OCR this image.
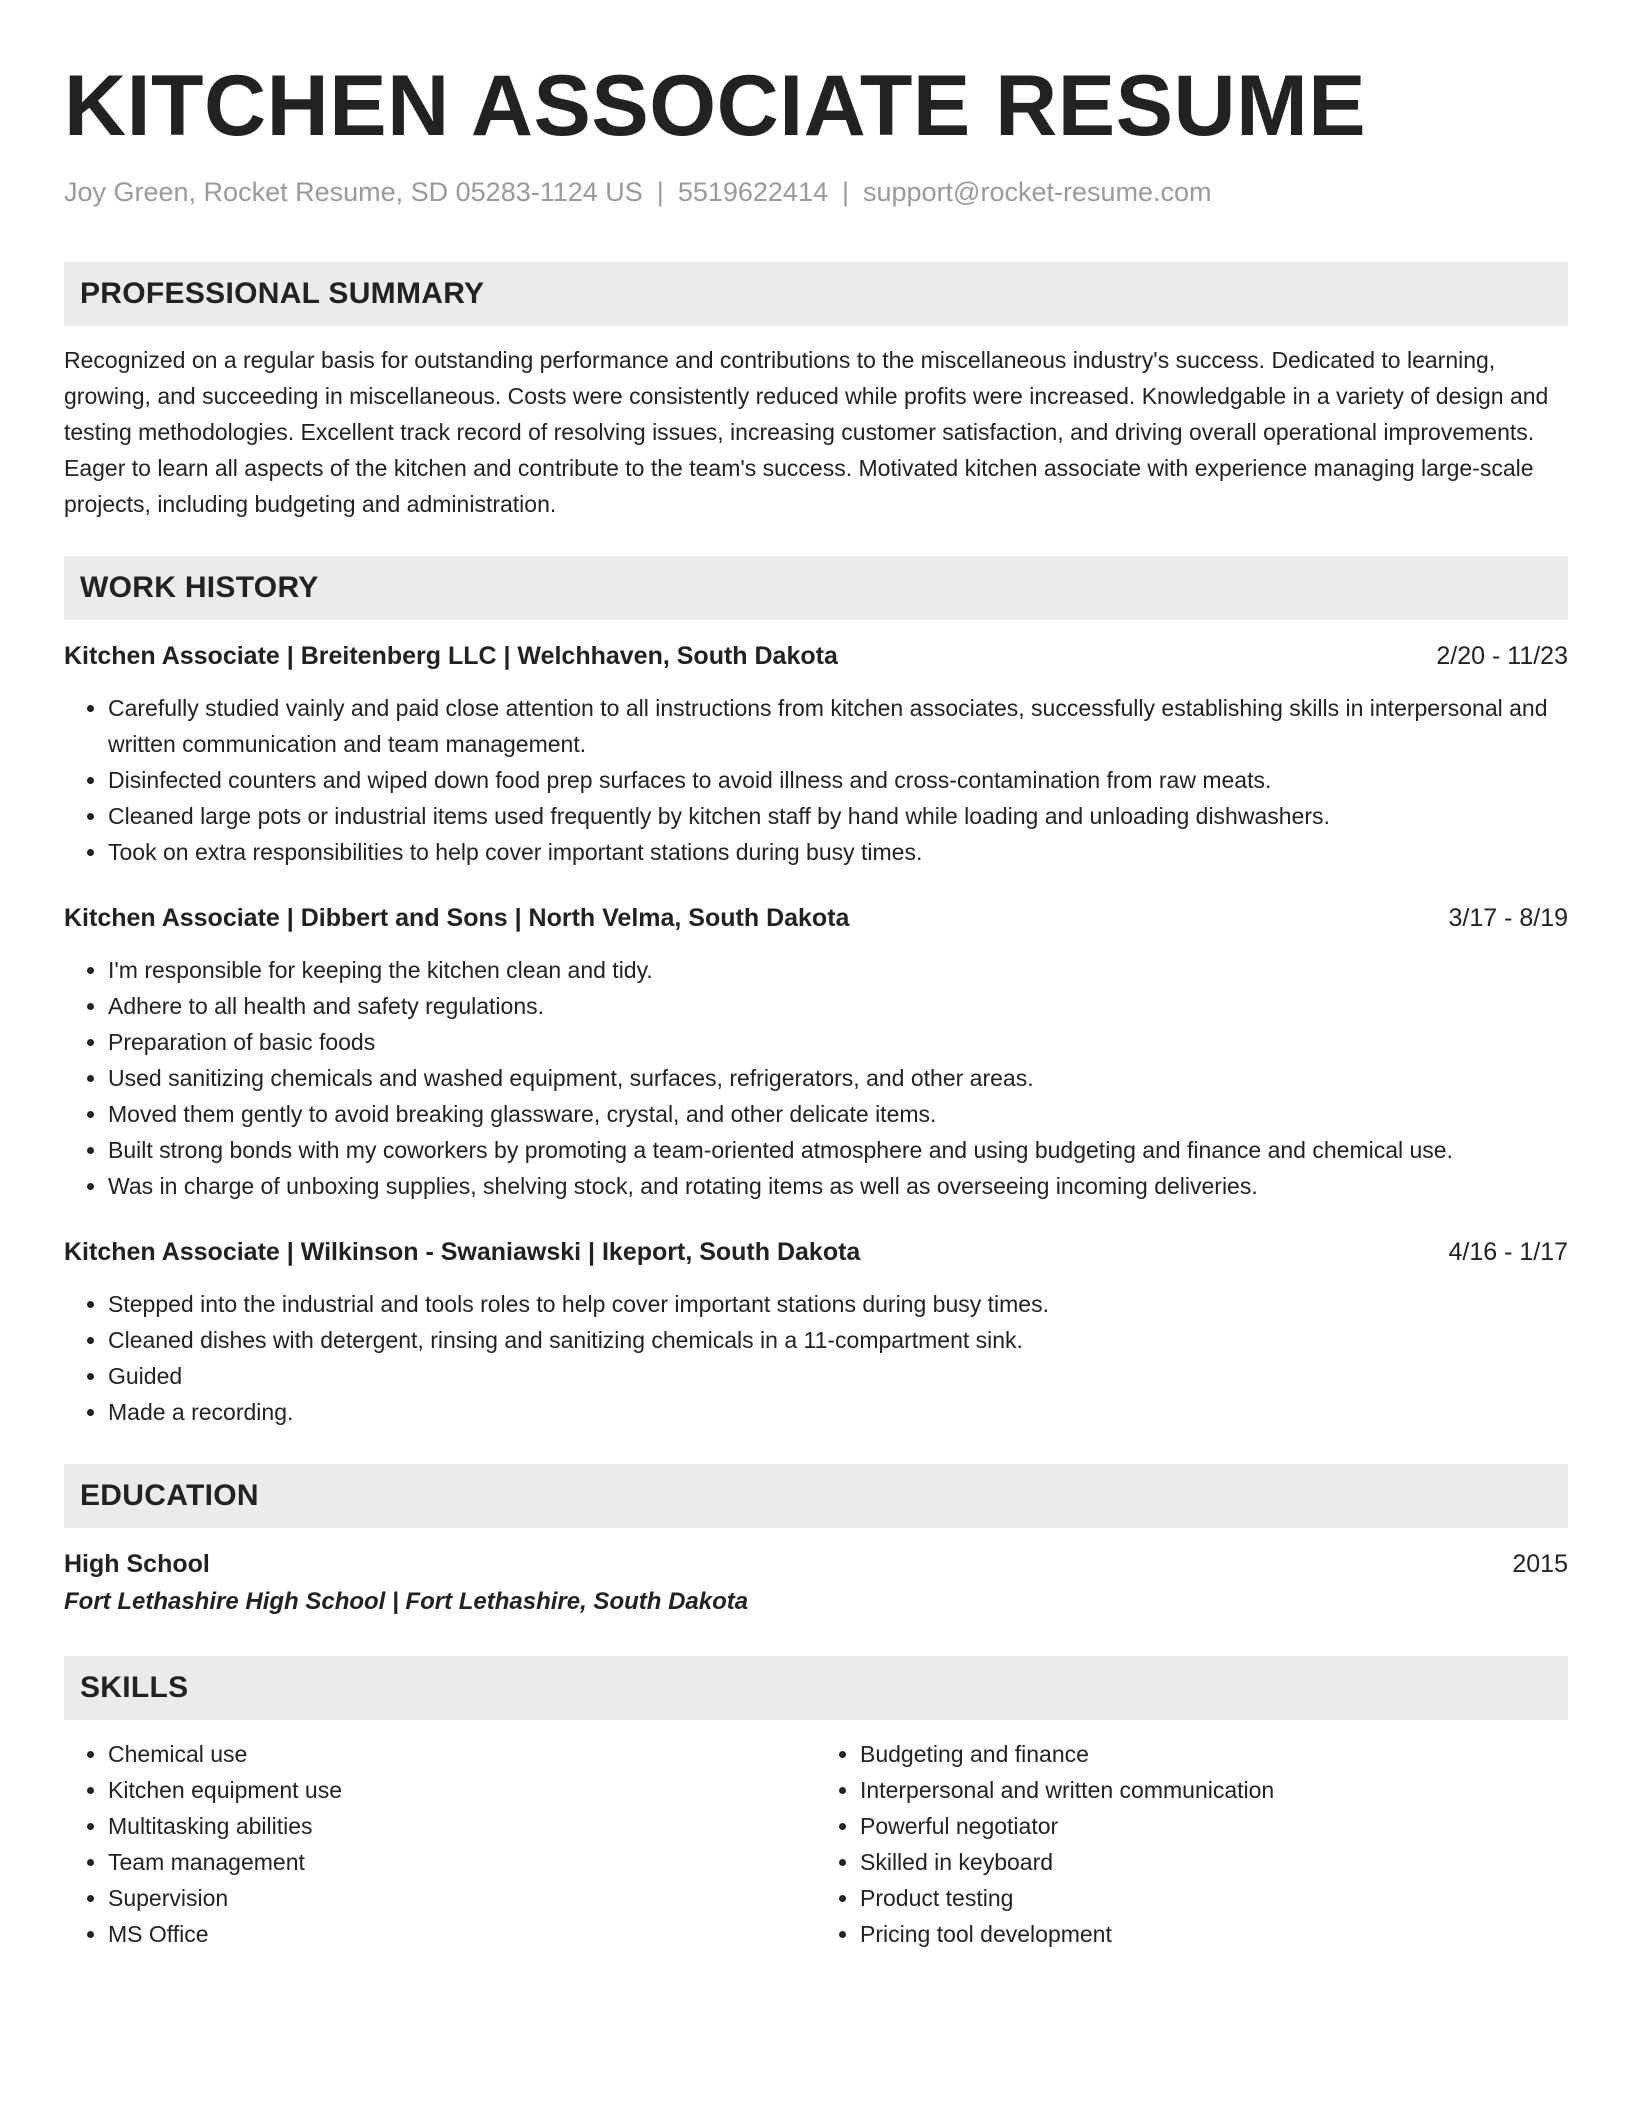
KITCHEN ASSOCIATE RESUME
Joy Green, Rocket Resume, SD 05283-1124 US | 5519622414 | support@rocket-resume.com
PROFESSIONAL SUMMARY
Recognized on a regular basis for outstanding performance and contributions to the miscellaneous industry's success. Dedicated to learning, growing, and succeeding in miscellaneous. Costs were consistently reduced while profits were increased. Knowledgable in a variety of design and testing methodologies. Excellent track record of resolving issues, increasing customer satisfaction, and driving overall operational improvements. Eager to learn all aspects of the kitchen and contribute to the team's success. Motivated kitchen associate with experience managing large-scale projects, including budgeting and administration.
WORK HISTORY
Kitchen Associate | Breitenberg LLC | Welchhaven, South Dakota	2/20 - 11/23
• Carefully studied vainly and paid close attention to all instructions from kitchen associates, successfully establishing skills in interpersonal and written communication and team management.
• Disinfected counters and wiped down food prep surfaces to avoid illness and cross-contamination from raw meats.
• Cleaned large pots or industrial items used frequently by kitchen staff by hand while loading and unloading dishwashers.
• Took on extra responsibilities to help cover important stations during busy times.
Kitchen Associate | Dibbert and Sons | North Velma, South Dakota	3/17 - 8/19
• I'm responsible for keeping the kitchen clean and tidy.
• Adhere to all health and safety regulations.
• Preparation of basic foods
• Used sanitizing chemicals and washed equipment, surfaces, refrigerators, and other areas.
• Moved them gently to avoid breaking glassware, crystal, and other delicate items.
• Built strong bonds with my coworkers by promoting a team-oriented atmosphere and using budgeting and finance and chemical use.
• Was in charge of unboxing supplies, shelving stock, and rotating items as well as overseeing incoming deliveries.
Kitchen Associate | Wilkinson - Swaniawski | Ikeport, South Dakota	4/16 - 1/17
• Stepped into the industrial and tools roles to help cover important stations during busy times.
• Cleaned dishes with detergent, rinsing and sanitizing chemicals in a 11-compartment sink.
• Guided
• Made a recording.
EDUCATION
High School	2015
Fort Lethashire High School | Fort Lethashire, South Dakota
SKILLS
• Chemical use
• Kitchen equipment use
• Multitasking abilities
• Team management
• Supervision
• MS Office
• Budgeting and finance
• Interpersonal and written communication
• Powerful negotiator
• Skilled in keyboard
• Product testing
• Pricing tool development
